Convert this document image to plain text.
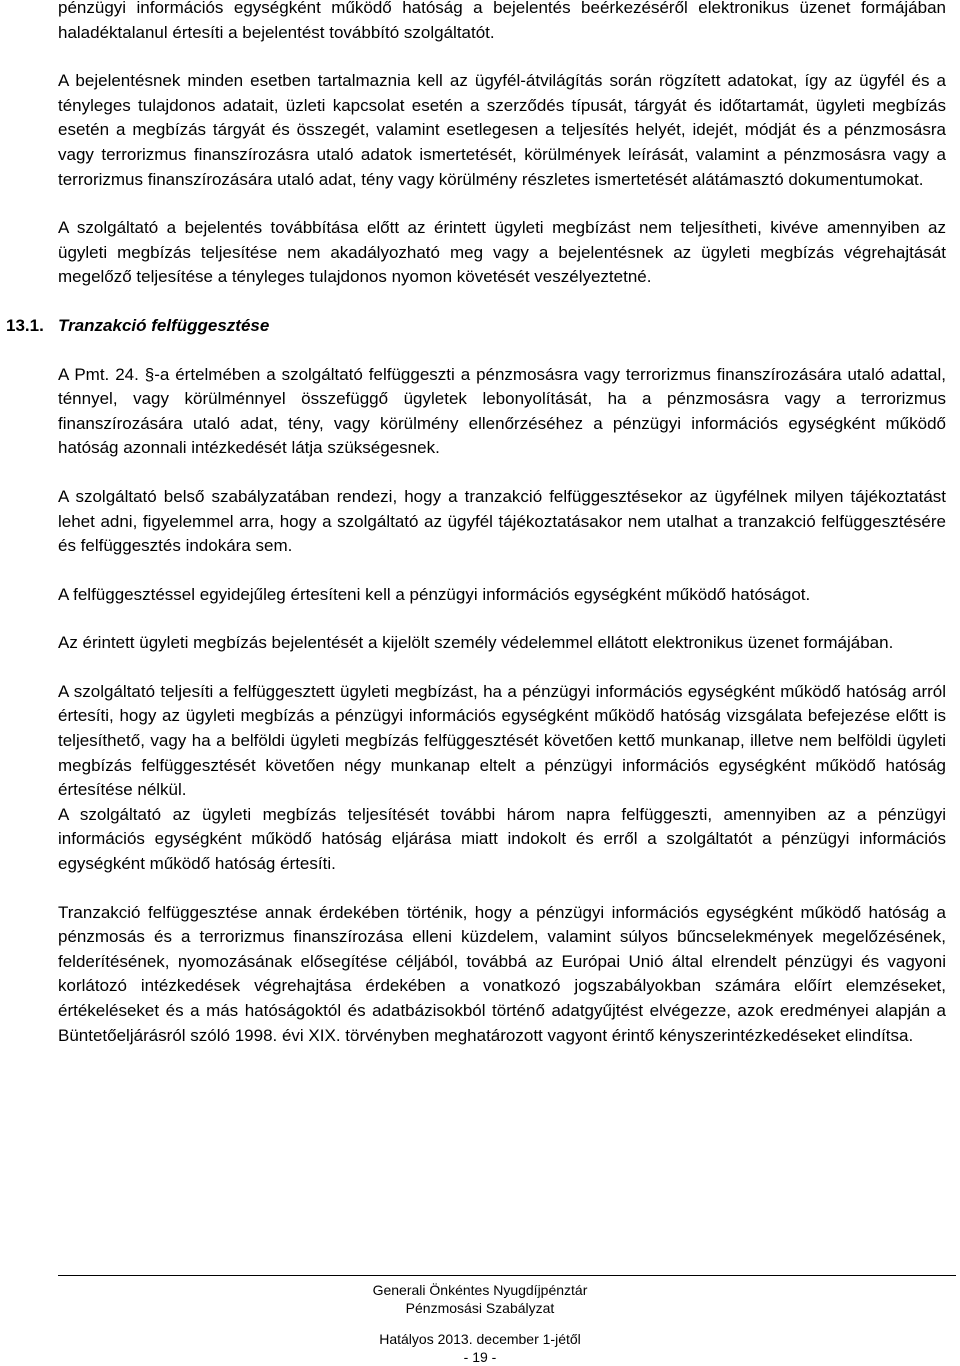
pénzügyi információs egységként működő hatóság a bejelentés beérkezéséről elektronikus üzenet formájában haladéktalanul értesíti a bejelentést továbbító szolgáltatót.

A bejelentésnek minden esetben tartalmaznia kell az ügyfél-átvilágítás során rögzített adatokat, így az ügyfél és a tényleges tulajdonos adatait, üzleti kapcsolat esetén a szerződés típusát, tárgyát és időtartamát, ügyleti megbízás esetén a megbízás tárgyát és összegét, valamint esetlegesen a teljesítés helyét, idejét, módját és a pénzmosásra vagy terrorizmus finanszírozásra utaló adatok ismertetését, körülmények leírását, valamint a pénzmosásra vagy a terrorizmus finanszírozására utaló adat, tény vagy körülmény részletes ismertetését alátámasztó dokumentumokat.

A szolgáltató a bejelentés továbbítása előtt az érintett ügyleti megbízást nem teljesítheti, kivéve amennyiben az ügyleti megbízás teljesítése nem akadályozható meg vagy a bejelentésnek az ügyleti megbízás végrehajtását megelőző teljesítése a tényleges tulajdonos nyomon követését veszélyeztetné.

13.1. Tranzakció felfüggesztése

A Pmt. 24. §-a értelmében a szolgáltató felfüggeszti a pénzmosásra vagy terrorizmus finanszírozására utaló adattal, ténnyel, vagy körülménnyel összefüggő ügyletek lebonyolítását, ha a pénzmosásra vagy a terrorizmus finanszírozására utaló adat, tény, vagy körülmény ellenőrzéséhez a pénzügyi információs egységként működő hatóság azonnali intézkedését látja szükségesnek.

A szolgáltató belső szabályzatában rendezi, hogy a tranzakció felfüggesztésekor az ügyfélnek milyen tájékoztatást lehet adni, figyelemmel arra, hogy a szolgáltató az ügyfél tájékoztatásakor nem utalhat a tranzakció felfüggesztésére és felfüggesztés indokára sem.

A felfüggesztéssel egyidejűleg értesíteni kell a pénzügyi információs egységként működő hatóságot.

Az érintett ügyleti megbízás bejelentését a kijelölt személy védelemmel ellátott elektronikus üzenet formájában.

A szolgáltató teljesíti a felfüggesztett ügyleti megbízást, ha a pénzügyi információs egységként működő hatóság arról értesíti, hogy az ügyleti megbízás a pénzügyi információs egységként működő hatóság vizsgálata befejezése előtt is teljesíthető, vagy ha a belföldi ügyleti megbízás felfüggesztését követően kettő munkanap, illetve nem belföldi ügyleti megbízás felfüggesztését követően négy munkanap eltelt a pénzügyi információs egységként működő hatóság értesítése nélkül.

A szolgáltató az ügyleti megbízás teljesítését további három napra felfüggeszti, amennyiben az a pénzügyi információs egységként működő hatóság eljárása miatt indokolt és erről a szolgáltatót a pénzügyi információs egységként működő hatóság értesíti.

Tranzakció felfüggesztése annak érdekében történik, hogy a pénzügyi információs egységként működő hatóság a pénzmosás és a terrorizmus finanszírozása elleni küzdelem, valamint súlyos bűncselekmények megelőzésének, felderítésének, nyomozásának elősegítése céljából, továbbá az Európai Unió által elrendelt pénzügyi és vagyoni korlátozó intézkedések végrehajtása érdekében a vonatkozó jogszabályokban számára előírt elemzéseket, értékeléseket és a más hatóságoktól és adatbázisokból történő adatgyűjtést elvégezze, azok eredményei alapján a Büntetőeljárásról szóló 1998. évi XIX. törvényben meghatározott vagyont érintő kényszerintézkedéseket elindítsa.

Generali Önkéntes Nyugdíjpénztár
Pénzmosási Szabályzat
Hatályos 2013. december 1-jétől
- 19 -
